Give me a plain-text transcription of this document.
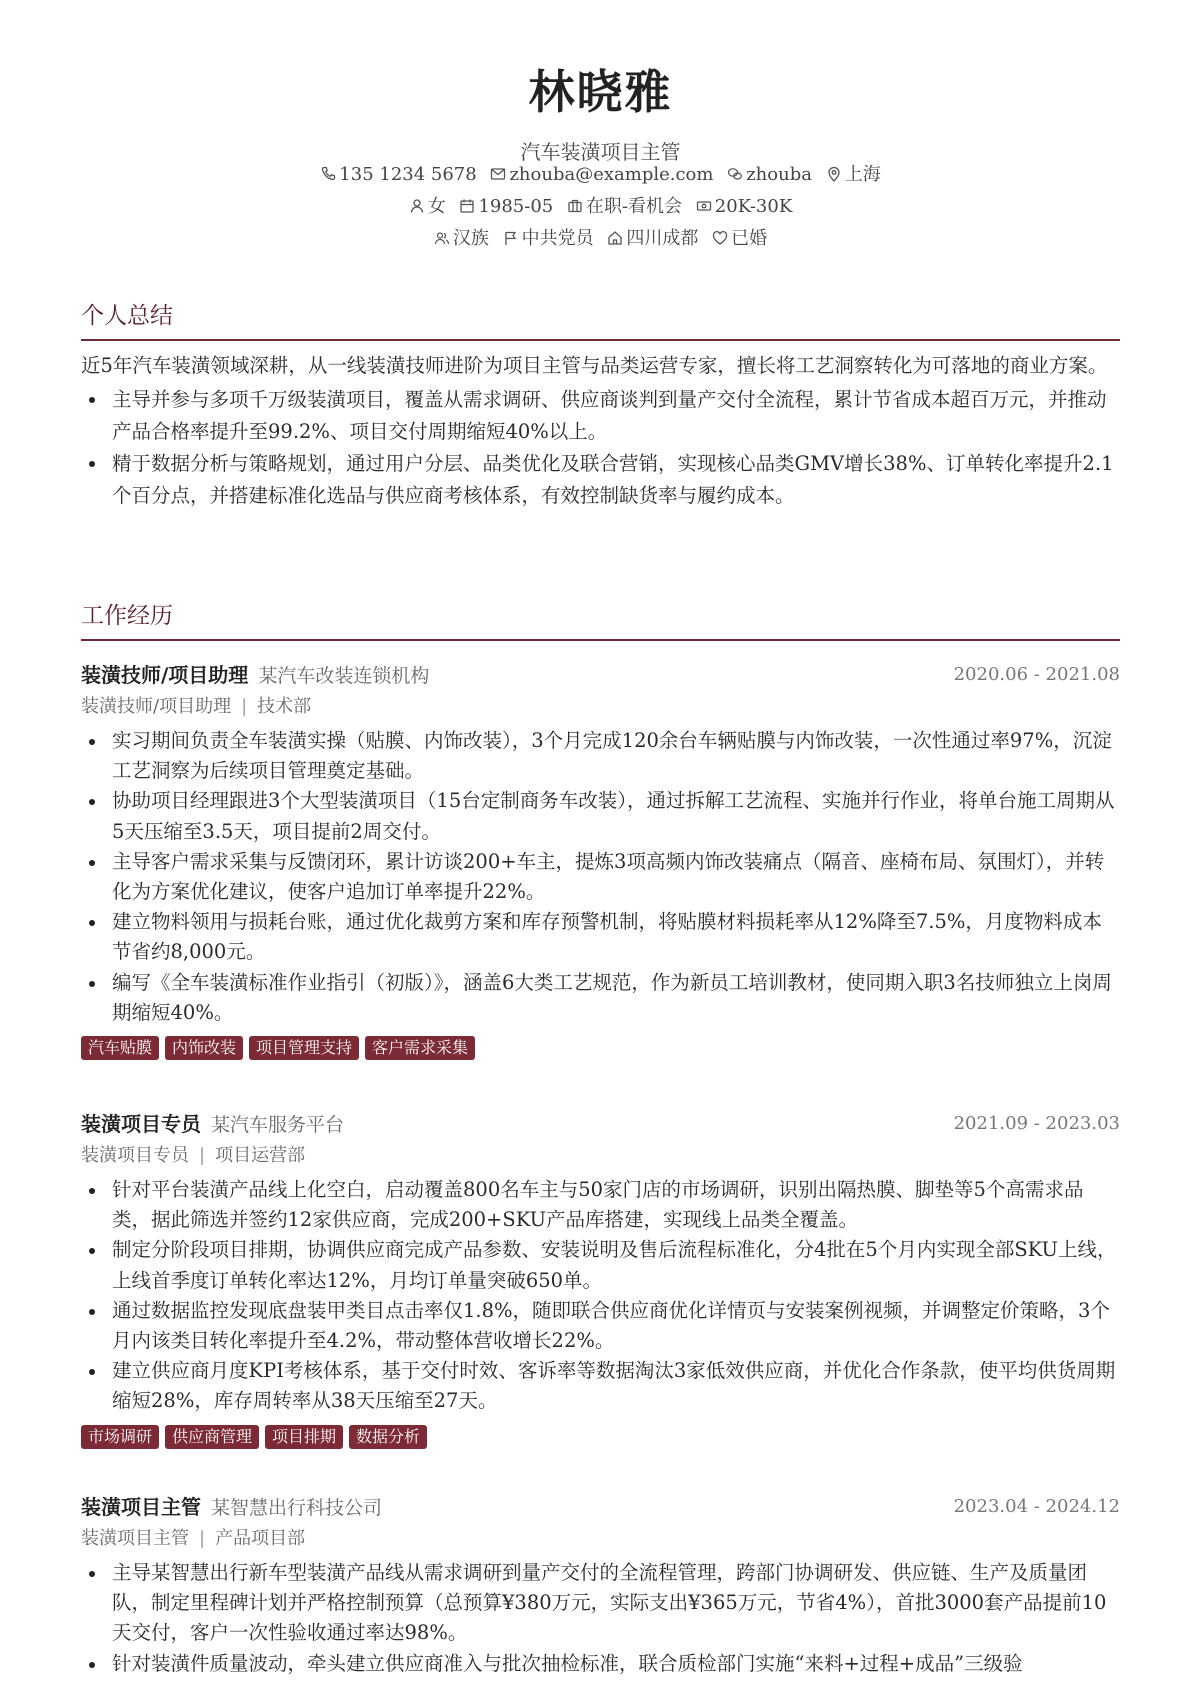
林晓雅
汽车装潢项目主管
135 1234 5678 zhouba@example.com zhouba 上海
女 1985-05 在职-看机会 20K-30K
汉族 中共党员 四川成都 已婚
个人总结

近5年汽车装潢领域深耕，从一线装潢技师进阶为项目主管与品类运营专家，擅长将工艺洞察转化为可落地的商业方案。

主导并参与多项千万级装潢项目，覆盖从需求调研、供应商谈判到量产交付全流程，累计节省成本超百万元，并推动产品合格率提升至99.2%、项目交付周期缩短40%以上。
精于数据分析与策略规划，通过用户分层、品类优化及联合营销，实现核心品类GMV增长38%、订单转化率提升2.1个百分点，并搭建标准化选品与供应商考核体系，有效控制缺货率与履约成本。
工作经历
装潢技师/项目助理 某汽车改装连锁机构	2020.06 - 2021.08
装潢技师/项目助理 | 技术部
实习期间负责全车装潢实操（贴膜、内饰改装），3个月完成120余台车辆贴膜与内饰改装，一次性通过率97%，沉淀工艺洞察为后续项目管理奠定基础。
协助项目经理跟进3个大型装潢项目（15台定制商务车改装），通过拆解工艺流程、实施并行作业，将单台施工周期从5天压缩至3.5天，项目提前2周交付。
主导客户需求采集与反馈闭环，累计访谈200+车主，提炼3项高频内饰改装痛点（隔音、座椅布局、氛围灯），并转化为方案优化建议，使客户追加订单率提升22%。
建立物料领用与损耗台账，通过优化裁剪方案和库存预警机制，将贴膜材料损耗率从12%降至7.5%，月度物料成本节省约8,000元。
编写《全车装潢标准作业指引（初版）》，涵盖6大类工艺规范，作为新员工培训教材，使同期入职3名技师独立上岗周期缩短40%。
汽车贴膜 内饰改装 项目管理支持 客户需求采集
装潢项目专员 某汽车服务平台	2021.09 - 2023.03
装潢项目专员 | 项目运营部
针对平台装潢产品线上化空白，启动覆盖800名车主与50家门店的市场调研，识别出隔热膜、脚垫等5个高需求品类，据此筛选并签约12家供应商，完成200+SKU产品库搭建，实现线上品类全覆盖。
制定分阶段项目排期，协调供应商完成产品参数、安装说明及售后流程标准化，分4批在5个月内实现全部SKU上线，上线首季度订单转化率达12%，月均订单量突破650单。
通过数据监控发现底盘装甲类目点击率仅1.8%，随即联合供应商优化详情页与安装案例视频，并调整定价策略，3个月内该类目转化率提升至4.2%，带动整体营收增长22%。
建立供应商月度KPI考核体系，基于交付时效、客诉率等数据淘汰3家低效供应商，并优化合作条款，使平均供货周期缩短28%，库存周转率从38天压缩至27天。
市场调研 供应商管理 项目排期 数据分析
装潢项目主管 某智慧出行科技公司	2023.04 - 2024.12
装潢项目主管 | 产品项目部
主导某智慧出行新车型装潢产品线从需求调研到量产交付的全流程管理，跨部门协调研发、供应链、生产及质量团队，制定里程碑计划并严格控制预算（总预算¥380万元，实际支出¥365万元，节省4%），首批3000套产品提前10天交付，客户一次性验收通过率达98%。
针对装潢件质量波动，牵头建立供应商准入与批次抽检标准，联合质检部门实施“来料+过程+成品”三级验
